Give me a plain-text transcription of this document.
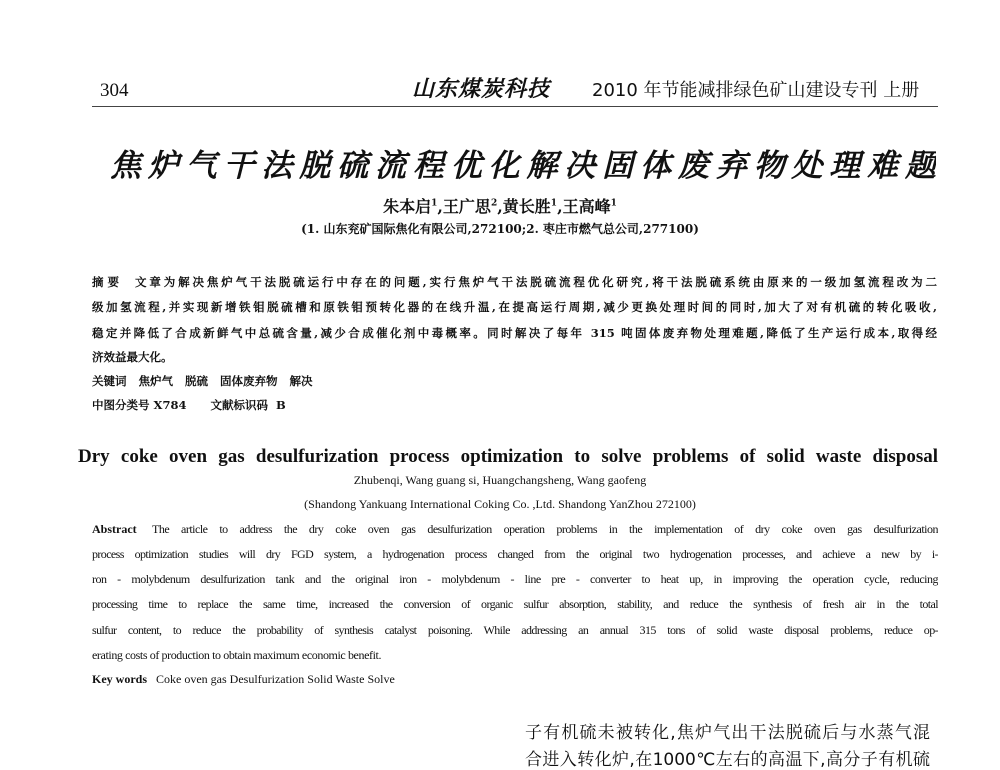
304	山东煤炭科技 2010 年节能减排绿色矿山建设专刊 上册
焦炉气干法脱硫流程优化解决固体废弃物处理难题
朱本启$^1$,王广思$^2$,黄长胜$^1$,王高峰$^1$
(1. 山东兖矿国际焦化有限公司,272100;2. 枣庄市燃气总公司,277100)
摘 要 文章为解决焦炉气干法脱硫运行中存在的问题,实行焦炉气干法脱硫流程优化研究,将干法脱硫系统由原来的一级加氢流程改为二
级加氢流程,并实现新增铁钼脱硫槽和原铁钼预转化器的在线升温,在提高运行周期,减少更换处理时间的同时,加大了对有机硫的转化吸收,
稳定并降低了合成新鲜气中总硫含量,减少合成催化剂中毒概率。同时解决了每年 315 吨固体废弃物处理难题,降低了生产运行成本,取得经
济效益最大化。
关键词 焦炉气   脱硫   固体废弃物   解决
中图分类号 X784 文献标识码 B
Dry coke oven gas desulfurization process optimization to solve problems of solid waste disposal
Zhubenqi, Wang guang si, Huangchangsheng, Wang gaofeng
(Shandong Yankuang International Coking Co. ,Ltd. Shandong YanZhou 272100)
Abstract The article to address the dry coke oven gas desulfurization operation problems in the implementation of dry coke oven gas desulfurization
process optimization studies will dry FGD system, a hydrogenation process changed from the original two hydrogenation processes, and achieve a new by i-
ron - molybdenum desulfurization tank and the original iron - molybdenum - line pre - converter to heat up, in improving the operation cycle, reducing
processing time to replace the same time, increased the conversion of organic sulfur absorption, stability, and reduce the synthesis of fresh air in the total
sulfur content, to reduce the probability of synthesis catalyst poisoning. While addressing an annual 315 tons of solid waste disposal problems, reduce op-
erating costs of production to obtain maximum economic benefit.
Key words Coke oven gas Desulfurization Solid Waste Solve
子有机硫未被转化,焦炉气出干法脱硫后与水蒸气混
合进入转化炉,在1000℃左右的高温下,高分子有机硫
